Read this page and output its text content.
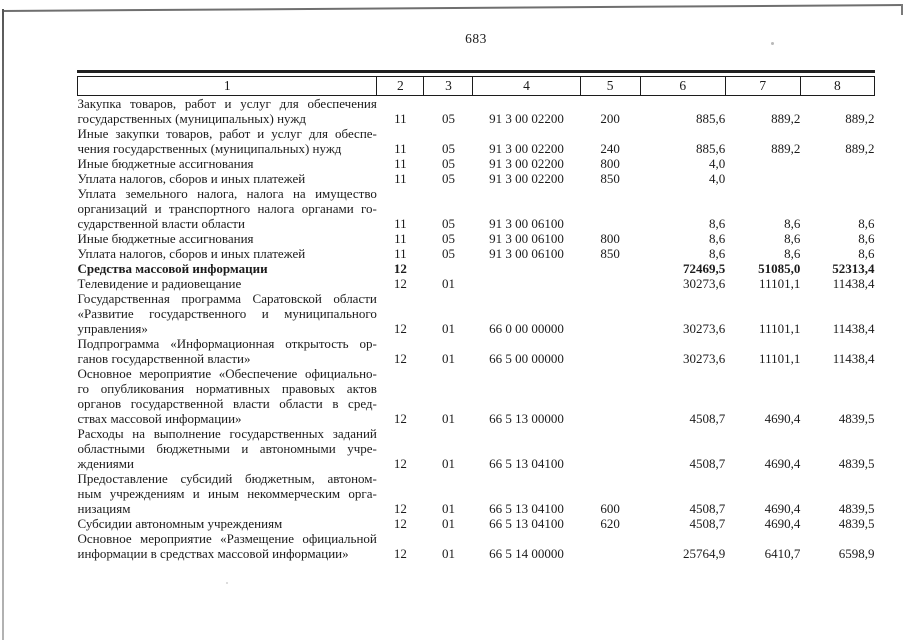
683
1	2	3	4	5	6	7	8

Закупка товаров, работ и услуг для обеспечения
государственных (муниципальных) нужд	11	05	91 3 00 02200	200	885,6	889,2	889,2

Иные закупки товаров, работ и услуг для обеспе-
чения государственных (муниципальных) нужд	11	05	91 3 00 02200	240	885,6	889,2	889,2

Иные бюджетные ассигнования	11	05	91 3 00 02200	800	4,0		

Уплата налогов, сборов и иных платежей	11	05	91 3 00 02200	850	4,0		

Уплата земельного налога, налога на имущество
организаций и транспортного налога органами го-
сударственной власти области	11	05	91 3 00 06100		8,6	8,6	8,6

Иные бюджетные ассигнования	11	05	91 3 00 06100	800	8,6	8,6	8,6

Уплата налогов, сборов и иных платежей	11	05	91 3 00 06100	850	8,6	8,6	8,6

Средства массовой информации	12				72469,5	51085,0	52313,4

Телевидение и радиовещание	12	01			30273,6	11101,1	11438,4

Государственная программа Саратовской области
«Развитие государственного и муниципального
управления»	12	01	66 0 00 00000		30273,6	11101,1	11438,4

Подпрограмма «Информационная открытость ор-
ганов государственной власти»	12	01	66 5 00 00000		30273,6	11101,1	11438,4

Основное мероприятие «Обеспечение официально-
го опубликования нормативных правовых актов
органов государственной власти области в сред-
ствах массовой информации»	12	01	66 5 13 00000		4508,7	4690,4	4839,5

Расходы на выполнение государственных заданий
областными бюджетными и автономными учре-
ждениями	12	01	66 5 13 04100		4508,7	4690,4	4839,5

Предоставление субсидий бюджетным, автоном-
ным учреждениям и иным некоммерческим орга-
низациям	12	01	66 5 13 04100	600	4508,7	4690,4	4839,5

Субсидии автономным учреждениям	12	01	66 5 13 04100	620	4508,7	4690,4	4839,5

Основное мероприятие «Размещение официальной
информации в средствах массовой информации»	12	01	66 5 14 00000		25764,9	6410,7	6598,9
